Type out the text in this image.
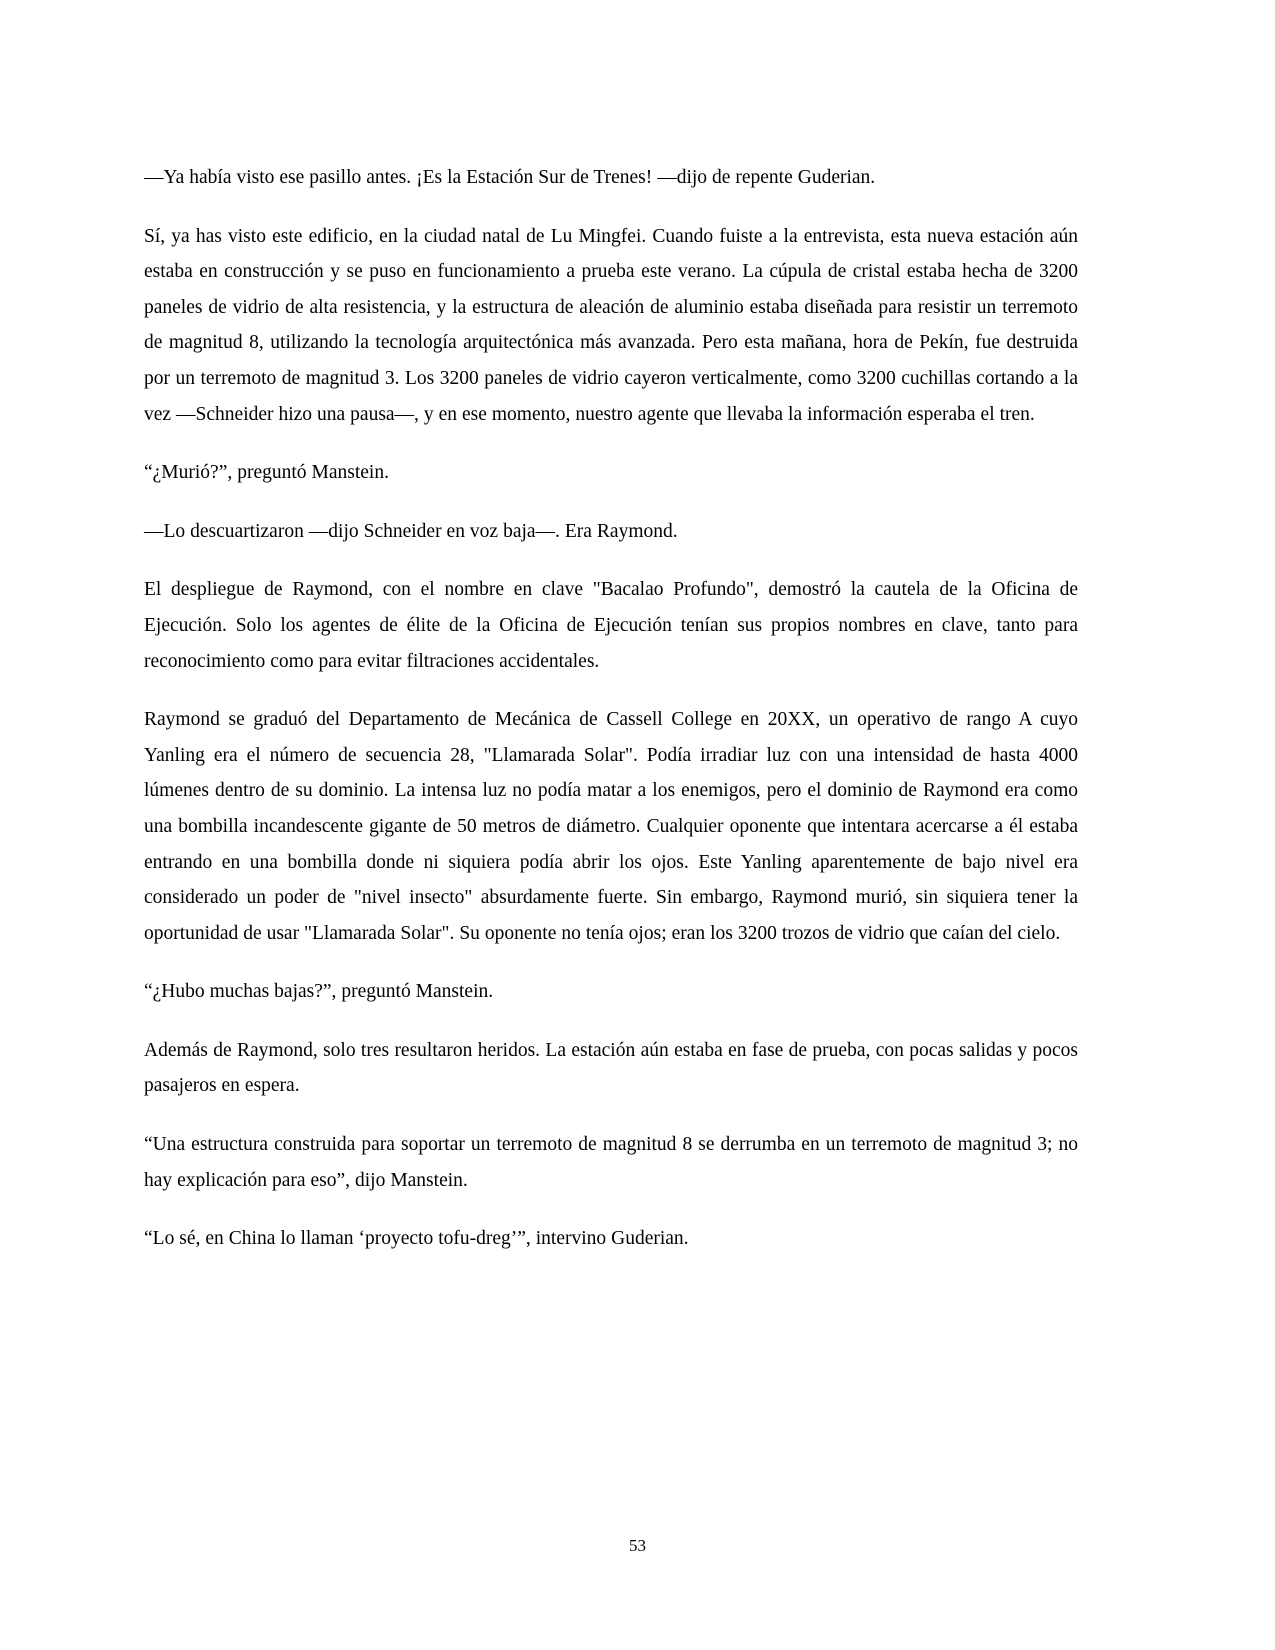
—Ya había visto ese pasillo antes. ¡Es la Estación Sur de Trenes! —dijo de repente Guderian.

Sí, ya has visto este edificio, en la ciudad natal de Lu Mingfei. Cuando fuiste a la entrevista, esta nueva estación aún estaba en construcción y se puso en funcionamiento a prueba este verano. La cúpula de cristal estaba hecha de 3200 paneles de vidrio de alta resistencia, y la estructura de aleación de aluminio estaba diseñada para resistir un terremoto de magnitud 8, utilizando la tecnología arquitectónica más avanzada. Pero esta mañana, hora de Pekín, fue destruida por un terremoto de magnitud 3. Los 3200 paneles de vidrio cayeron verticalmente, como 3200 cuchillas cortando a la vez —Schneider hizo una pausa—, y en ese momento, nuestro agente que llevaba la información esperaba el tren.

“¿Murió?”, preguntó Manstein.

—Lo descuartizaron —dijo Schneider en voz baja—. Era Raymond.

El despliegue de Raymond, con el nombre en clave "Bacalao Profundo", demostró la cautela de la Oficina de Ejecución. Solo los agentes de élite de la Oficina de Ejecución tenían sus propios nombres en clave, tanto para reconocimiento como para evitar filtraciones accidentales.

Raymond se graduó del Departamento de Mecánica de Cassell College en 20XX, un operativo de rango A cuyo Yanling era el número de secuencia 28, "Llamarada Solar". Podía irradiar luz con una intensidad de hasta 4000 lúmenes dentro de su dominio. La intensa luz no podía matar a los enemigos, pero el dominio de Raymond era como una bombilla incandescente gigante de 50 metros de diámetro. Cualquier oponente que intentara acercarse a él estaba entrando en una bombilla donde ni siquiera podía abrir los ojos. Este Yanling aparentemente de bajo nivel era considerado un poder de "nivel insecto" absurdamente fuerte. Sin embargo, Raymond murió, sin siquiera tener la oportunidad de usar "Llamarada Solar". Su oponente no tenía ojos; eran los 3200 trozos de vidrio que caían del cielo.

“¿Hubo muchas bajas?”, preguntó Manstein.

Además de Raymond, solo tres resultaron heridos. La estación aún estaba en fase de prueba, con pocas salidas y pocos pasajeros en espera.

“Una estructura construida para soportar un terremoto de magnitud 8 se derrumba en un terremoto de magnitud 3; no hay explicación para eso”, dijo Manstein.

“Lo sé, en China lo llaman ‘proyecto tofu-dreg’”, intervino Guderian.

53
